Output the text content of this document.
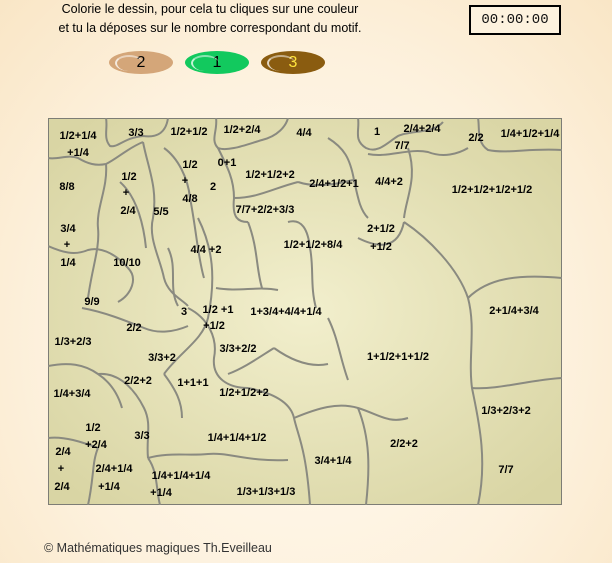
Colorie le dessin, pour cela tu cliques sur une couleur
et tu la déposes sur le nombre correspondant du motif.	00:00:00
2	1	3
1/2+1/4
+1/4
3/3 1/2+1/2 1/2+2/4	4/4	1 2/4+2/4
7/7
2/2 1/4+1/2+1/4
8/8
1/2
+
2/4
1/2
+
4/8
0+1
2
1/2+1/2+2
2/4+1/2+1 4/4+2
1/2+1/2+1/2+1/2
5/5	7/7+2/2+3/3
3/4
+
1/4	10/10
4/4 +2	1/2+1/2+8/4
2+1/2
+1/2
9/9
1/2 +1
+1/2
3	1+3/4+4/4+1/4	2+1/4+3/4
2/2
1/3+2/3
3/3+2/2
3/3+2	1+1/2+1+1/2
2/2+2 1+1+1
1/4+3/4	1/2+1/2+2
1/3+2/3+2
1/2
+2/4
3/3	1/4+1/4+1/2	2/2+2
2/4
+
2/4
2/4+1/4
+1/4
1/4+1/4+1/4
+1/4
3/4+1/4
7/7
1/3+1/3+1/3
© Mathématiques magiques Th.Eveilleau
